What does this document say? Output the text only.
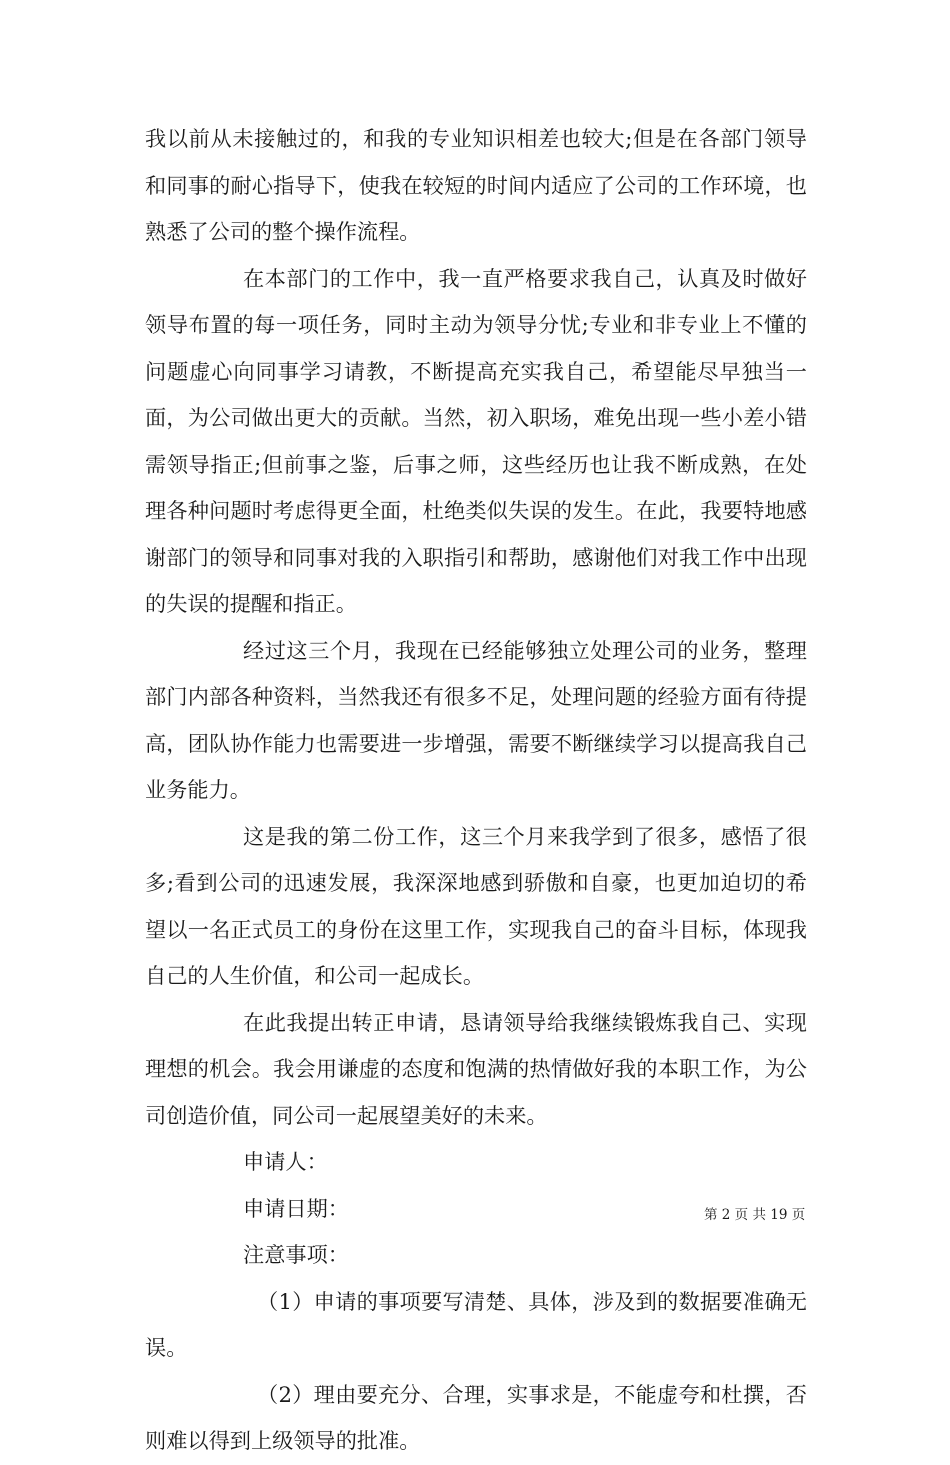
我以前从未接触过的，和我的专业知识相差也较大;但是在各部门领导和同事的耐心指导下，使我在较短的时间内适应了公司的工作环境，也熟悉了公司的整个操作流程。

在本部门的工作中，我一直严格要求我自己，认真及时做好领导布置的每一项任务，同时主动为领导分忧;专业和非专业上不懂的问题虚心向同事学习请教，不断提高充实我自己，希望能尽早独当一面，为公司做出更大的贡献。当然，初入职场，难免出现一些小差小错需领导指正;但前事之鉴，后事之师，这些经历也让我不断成熟，在处理各种问题时考虑得更全面，杜绝类似失误的发生。在此，我要特地感谢部门的领导和同事对我的入职指引和帮助，感谢他们对我工作中出现的失误的提醒和指正。

经过这三个月，我现在已经能够独立处理公司的业务，整理部门内部各种资料，当然我还有很多不足，处理问题的经验方面有待提高，团队协作能力也需要进一步增强，需要不断继续学习以提高我自己业务能力。

这是我的第二份工作，这三个月来我学到了很多，感悟了很多;看到公司的迅速发展，我深深地感到骄傲和自豪，也更加迫切的希望以一名正式员工的身份在这里工作，实现我自己的奋斗目标，体现我自己的人生价值，和公司一起成长。

在此我提出转正申请，恳请领导给我继续锻炼我自己、实现理想的机会。我会用谦虚的态度和饱满的热情做好我的本职工作，为公司创造价值，同公司一起展望美好的未来。

申请人：

申请日期：

注意事项：

（1）申请的事项要写清楚、具体，涉及到的数据要准确无误。

（2）理由要充分、合理，实事求是，不能虚夸和杜撰，否则难以得到上级领导的批准。

第 2 页 共 19 页
